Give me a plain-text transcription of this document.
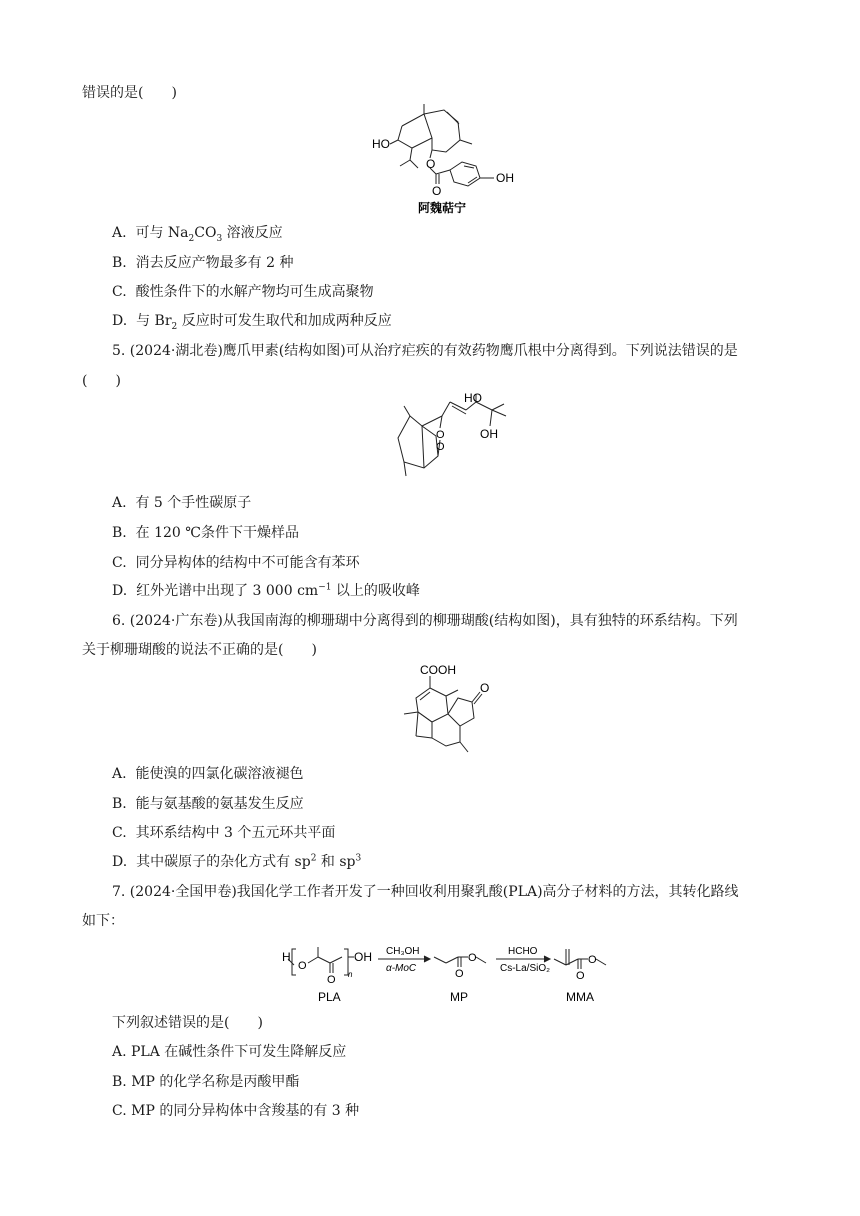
错误的是(　　)
HO
O
O
OH
阿魏萜宁
A. 可与 $Na_2CO_3$ 溶液反应
B. 消去反应产物最多有 2 种
C. 酸性条件下的水解产物均可生成高聚物
D. 与 $Br_2$ 反应时可发生取代和加成两种反应
5. (2024·湖北卷)鹰爪甲素(结构如图)可从治疗疟疾的有效药物鹰爪根中分离得到。下列说法错误的是
(　　)
HO
O
O
OH
A. 有 5 个手性碳原子
B. 在 120 ℃条件下干燥样品
C. 同分异构体的结构中不可能含有苯环
D. 红外光谱中出现了 3 000 $cm^{-1}$ 以上的吸收峰
6. (2024·广东卷)从我国南海的柳珊瑚中分离得到的柳珊瑚酸(结构如图)，具有独特的环系结构。下列
关于柳珊瑚酸的说法不正确的是(　　)
COOH
O
A. 能使溴的四氯化碳溶液褪色
B. 能与氨基酸的氨基发生反应
C. 其环系结构中 3 个五元环共平面
D. 其中碳原子的杂化方式有 $sp^2$ 和 $sp^3$
7. (2024·全国甲卷)我国化学工作者开发了一种回收利用聚乳酸(PLA)高分子材料的方法，其转化路线
如下：
H
O
O n
OH CH₃OH
α-MoC	O
O
HCHO
Cs-La/SiO₂
O
O
PLA	MP	MMA
下列叙述错误的是(　　)
A. PLA 在碱性条件下可发生降解反应
B. MP 的化学名称是丙酸甲酯
C. MP 的同分异构体中含羧基的有 3 种
